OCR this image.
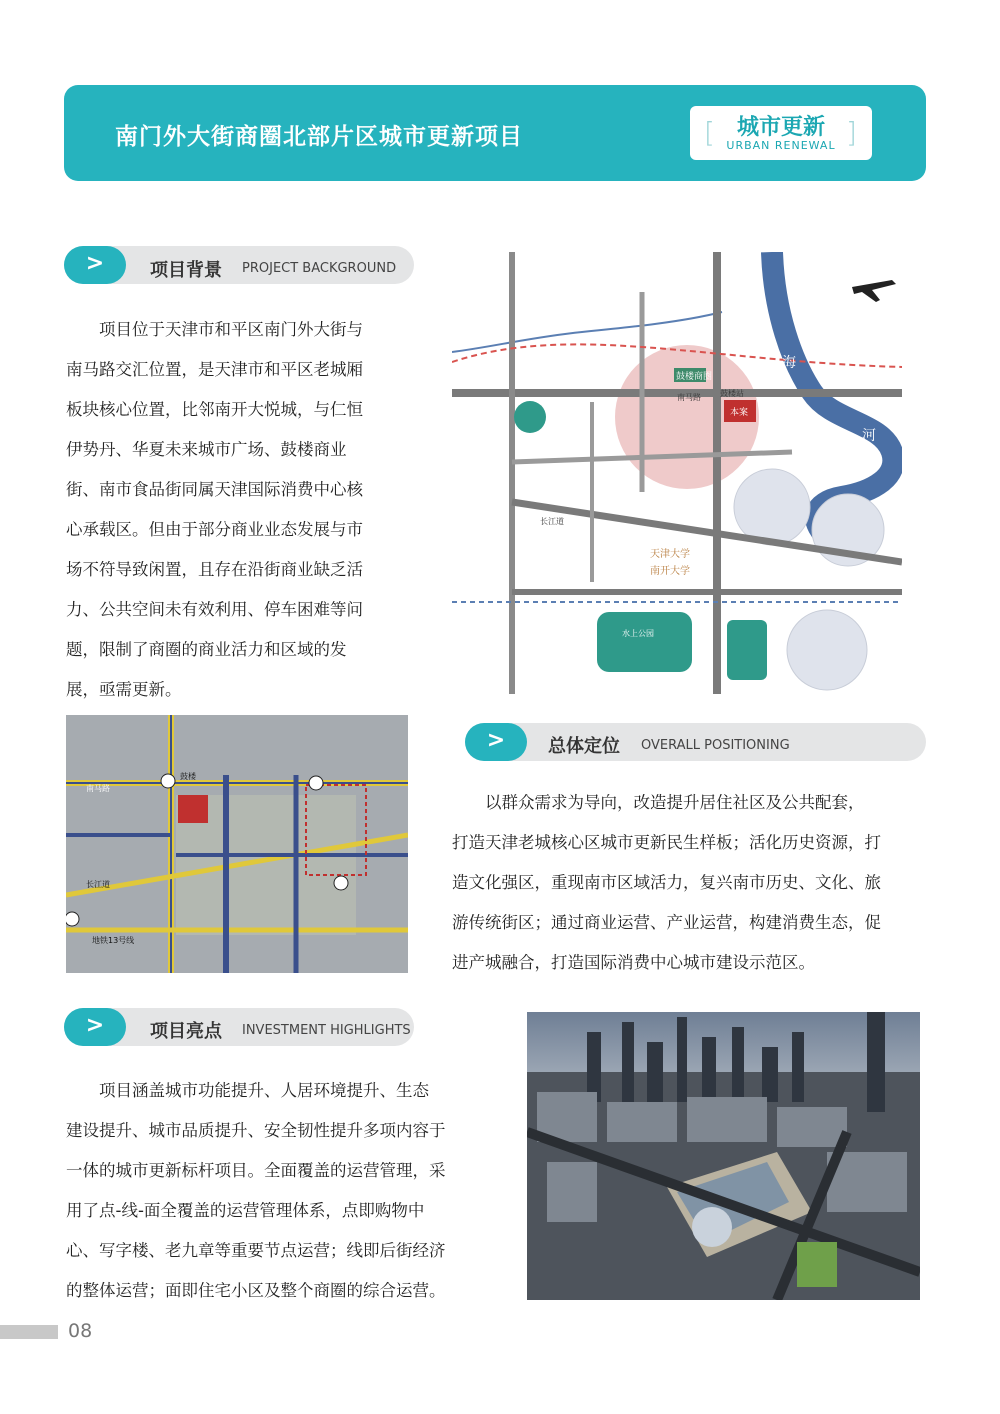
南门外大街商圈北部片区城市更新项目	[	]
城市更新
URBAN RENEWAL
>	项目背景 PROJECT BACKGROUND

　　项目位于天津市和平区南门外大街与

南马路交汇位置，是天津市和平区老城厢

板块核心位置，比邻南开大悦城，与仁恒

伊势丹、华夏未来城市广场、鼓楼商业

街、南市食品街同属天津国际消费中心核

心承载区。但由于部分商业业态发展与市

场不符导致闲置，且存在沿街商业缺乏活

力、公共空间未有效利用、停车困难等问

题，限制了商圈的商业活力和区域的发

展，亟需更新。

本案
鼓楼商圈
南马路 鼓楼站
长江道
天津大学
南开大学
水上公园
海
河
鼓楼
南马路
地铁13号线
长江道
>	总体定位 OVERALL POSITIONING

　　以群众需求为导向，改造提升居住社区及公共配套，

打造天津老城核心区城市更新民生样板；活化历史资源，打

造文化强区，重现南市区域活力，复兴南市历史、文化、旅

游传统街区；通过商业运营、产业运营，构建消费生态，促

进产城融合，打造国际消费中心城市建设示范区。

>	项目亮点 INVESTMENT HIGHLIGHTS

　　项目涵盖城市功能提升、人居环境提升、生态

建设提升、城市品质提升、安全韧性提升多项内容于

一体的城市更新标杆项目。全面覆盖的运营管理，采

用了点-线-面全覆盖的运营管理体系，点即购物中

心、写字楼、老九章等重要节点运营；线即后街经济

的整体运营；面即住宅小区及整个商圈的综合运营。

08
